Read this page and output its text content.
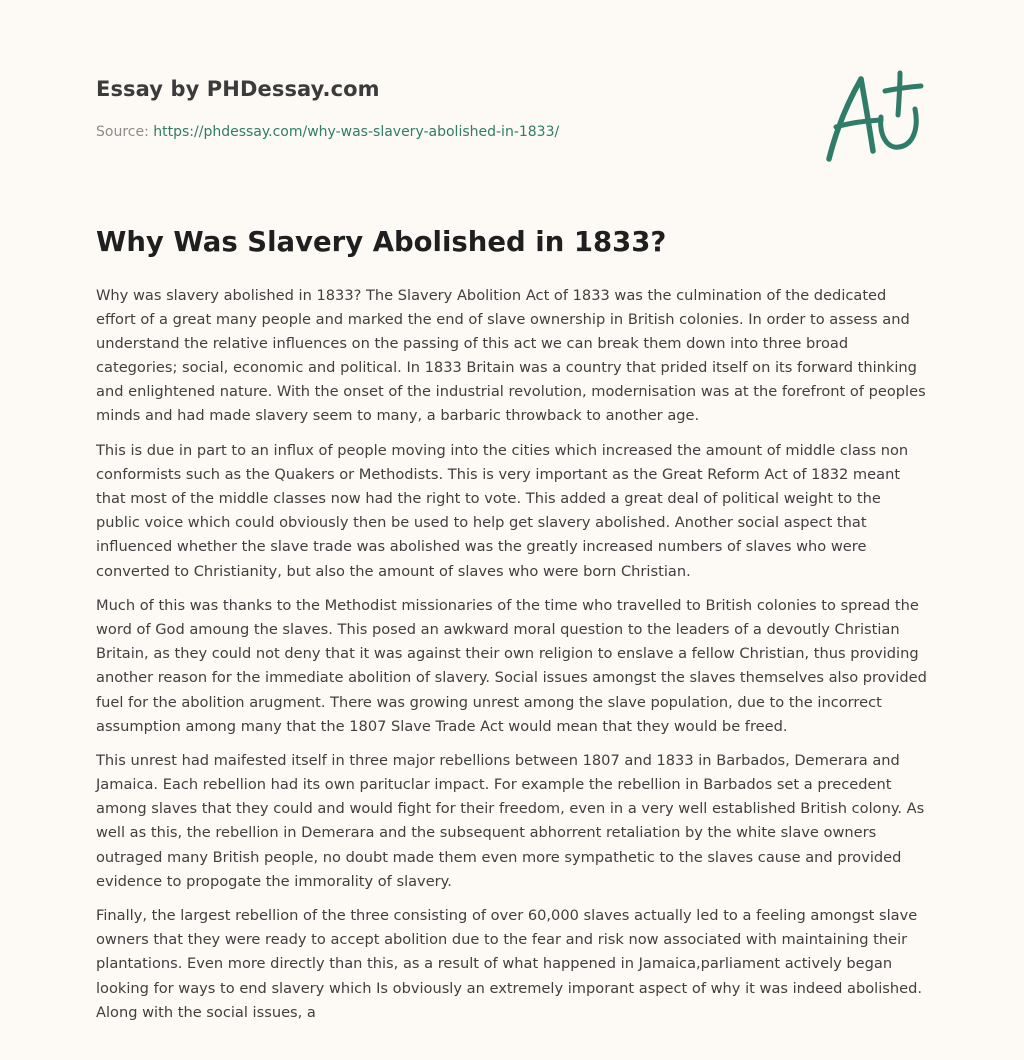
Essay by PHDessay.com
Source: https://phdessay.com/why-was-slavery-abolished-in-1833/
Why Was Slavery Abolished in 1833?

Why was slavery abolished in 1833? The Slavery Abolition Act of 1833 was the culmination of the dedicated effort of a great many people and marked the end of slave ownership in British colonies. In order to assess and understand the relative influences on the passing of this act we can break them down into three broad categories; social, economic and political. In 1833 Britain was a country that prided itself on its forward thinking and enlightened nature. With the onset of the industrial revolution, modernisation was at the forefront of peoples minds and had made slavery seem to many, a barbaric throwback to another age.

This is due in part to an influx of people moving into the cities which increased the amount of middle class non conformists such as the Quakers or Methodists. This is very important as the Great Reform Act of 1832 meant that most of the middle classes now had the right to vote. This added a great deal of political weight to the public voice which could obviously then be used to help get slavery abolished. Another social aspect that influenced whether the slave trade was abolished was the greatly increased numbers of slaves who were converted to Christianity, but also the amount of slaves who were born Christian.

Much of this was thanks to the Methodist missionaries of the time who travelled to British colonies to spread the word of God amoung the slaves. This posed an awkward moral question to the leaders of a devoutly Christian Britain, as they could not deny that it was against their own religion to enslave a fellow Christian, thus providing another reason for the immediate abolition of slavery. Social issues amongst the slaves themselves also provided fuel for the abolition arugment. There was growing unrest among the slave population, due to the incorrect assumption among many that the 1807 Slave Trade Act would mean that they would be freed.

This unrest had maifested itself in three major rebellions between 1807 and 1833 in Barbados, Demerara and Jamaica. Each rebellion had its own parituclar impact. For example the rebellion in Barbados set a precedent among slaves that they could and would fight for their freedom, even in a very well established British colony. As well as this, the rebellion in Demerara and the subsequent abhorrent retaliation by the white slave owners outraged many British people, no doubt made them even more sympathetic to the slaves cause and provided evidence to propogate the immorality of slavery.

Finally, the largest rebellion of the three consisting of over 60,000 slaves actually led to a feeling amongst slave owners that they were ready to accept abolition due to the fear and risk now associated with maintaining their plantations. Even more directly than this, as a result of what happened in Jamaica,parliament actively began looking for ways to end slavery which Is obviously an extremely imporant aspect of why it was indeed abolished. Along with the social issues, a
